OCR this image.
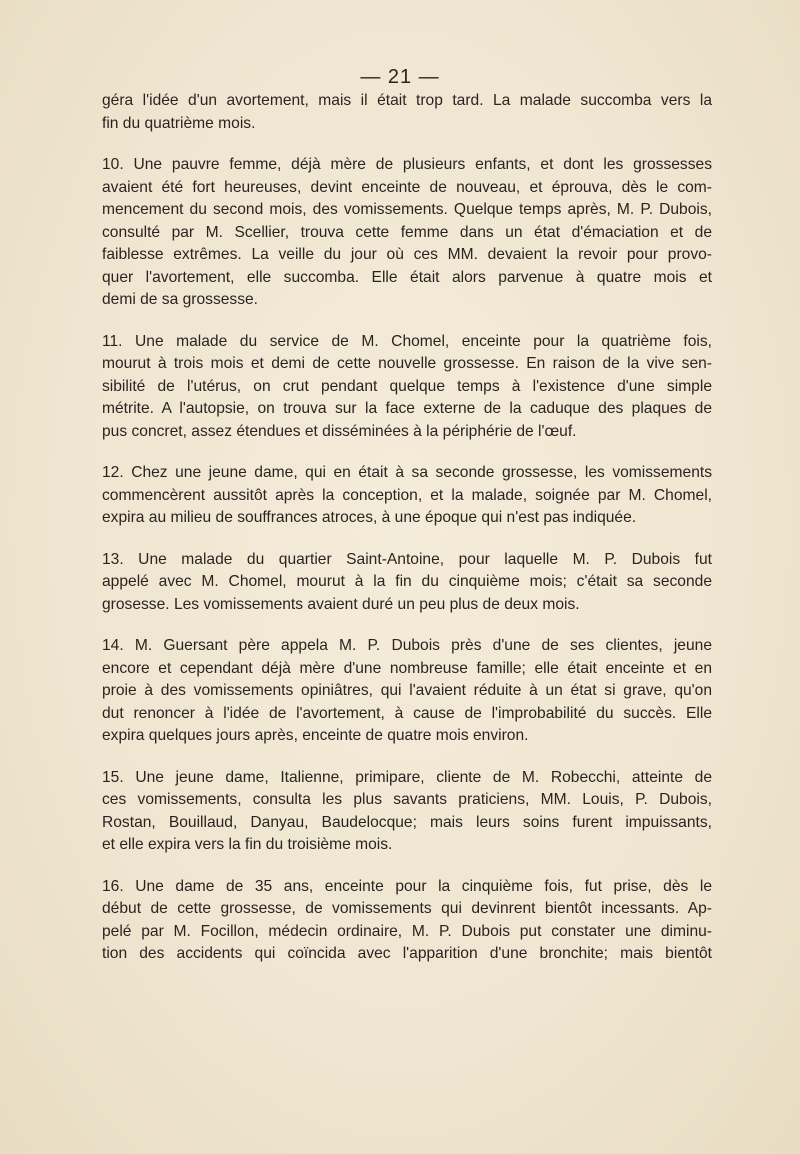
— 21 —
géra l'idée d'un avortement, mais il était trop tard. La malade succomba vers la
fin du quatrième mois.
10. Une pauvre femme, déjà mère de plusieurs enfants, et dont les grossesses
avaient été fort heureuses, devint enceinte de nouveau, et éprouva, dès le com-
mencement du second mois, des vomissements. Quelque temps après, M. P. Dubois,
consulté par M. Scellier, trouva cette femme dans un état d'émaciation et de
faiblesse extrêmes. La veille du jour où ces MM. devaient la revoir pour provo-
quer l'avortement, elle succomba. Elle était alors parvenue à quatre mois et
demi de sa grossesse.
11. Une malade du service de M. Chomel, enceinte pour la quatrième fois,
mourut à trois mois et demi de cette nouvelle grossesse. En raison de la vive sen-
sibilité de l'utérus, on crut pendant quelque temps à l'existence d'une simple
métrite. A l'autopsie, on trouva sur la face externe de la caduque des plaques de
pus concret, assez étendues et disséminées à la périphérie de l'œuf.
12. Chez une jeune dame, qui en était à sa seconde grossesse, les vomissements
commencèrent aussitôt après la conception, et la malade, soignée par M. Chomel,
expira au milieu de souffrances atroces, à une époque qui n'est pas indiquée.
13. Une malade du quartier Saint-Antoine, pour laquelle M. P. Dubois fut
appelé avec M. Chomel, mourut à la fin du cinquième mois; c'était sa seconde
grosesse. Les vomissements avaient duré un peu plus de deux mois.
14. M. Guersant père appela M. P. Dubois près d'une de ses clientes, jeune
encore et cependant déjà mère d'une nombreuse famille; elle était enceinte et en
proie à des vomissements opiniâtres, qui l'avaient réduite à un état si grave, qu'on
dut renoncer à l'idée de l'avortement, à cause de l'improbabilité du succès. Elle
expira quelques jours après, enceinte de quatre mois environ.
15. Une jeune dame, Italienne, primipare, cliente de M. Robecchi, atteinte de
ces vomissements, consulta les plus savants praticiens, MM. Louis, P. Dubois,
Rostan, Bouillaud, Danyau, Baudelocque; mais leurs soins furent impuissants,
et elle expira vers la fin du troisième mois.
16. Une dame de 35 ans, enceinte pour la cinquième fois, fut prise, dès le
début de cette grossesse, de vomissements qui devinrent bientôt incessants. Ap-
pelé par M. Focillon, médecin ordinaire, M. P. Dubois put constater une diminu-
tion des accidents qui coïncida avec l'apparition d'une bronchite; mais bientôt
